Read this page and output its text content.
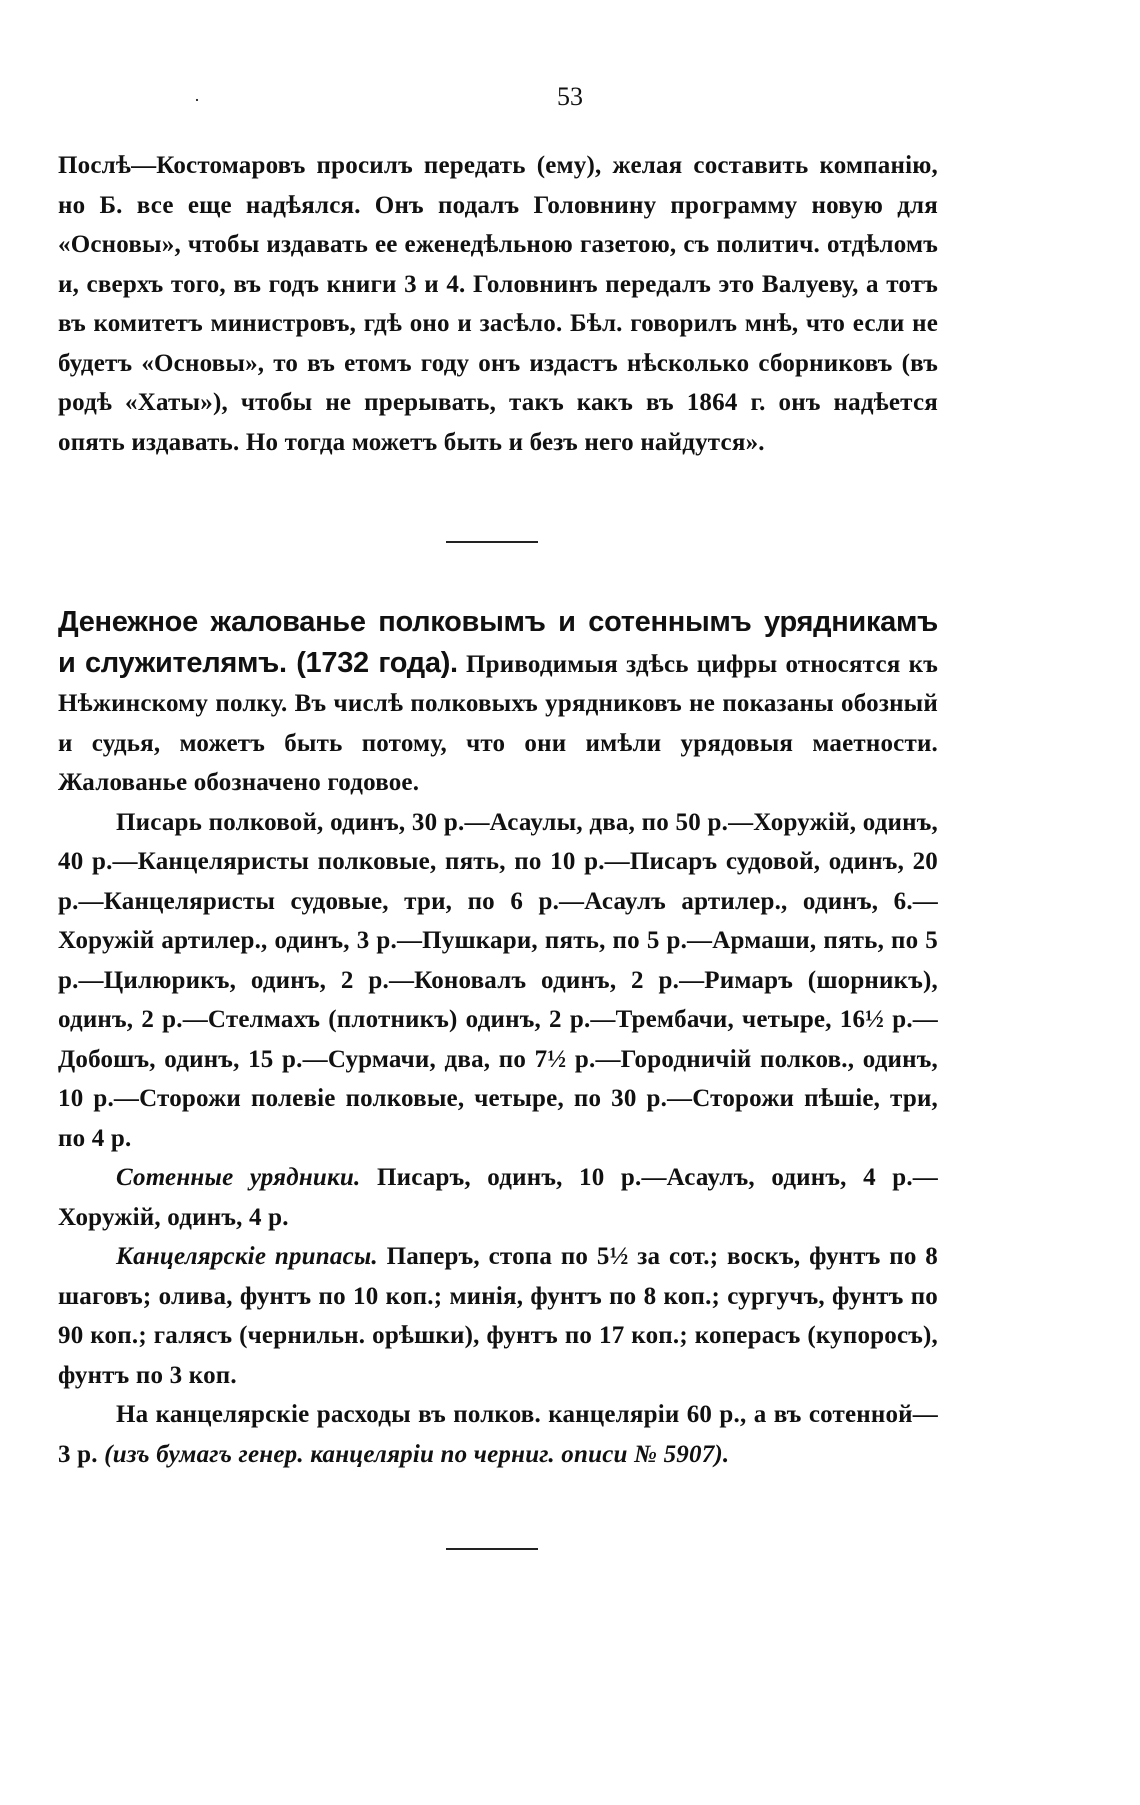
·	53
Послѣ—Костомаровъ просилъ передать (ему), желая составить компанію, но Б. все еще надѣялся. Онъ подалъ Головнину программу новую для «Основы», чтобы издавать ее еженедѣльною газетою, съ политич. отдѣломъ и, сверхъ того, въ годъ книги 3 и 4. Головнинъ передалъ это Валуеву, а тотъ въ комитетъ министровъ, гдѣ оно и засѣло. Бѣл. говорилъ мнѣ, что если не будетъ «Основы», то въ етомъ году онъ издастъ нѣсколько сборниковъ (въ родѣ «Хаты»), чтобы не прерывать, такъ какъ въ 1864 г. онъ надѣется опять издавать. Но тогда можетъ быть и безъ него найдутся».
Денежное жалованье полковымъ и сотеннымъ урядникамъ и служителямъ. (1732 года). Приводимыя здѣсь цифры относятся къ Нѣжинскому полку. Въ числѣ полковыхъ урядниковъ не показаны обозный и судья, можетъ быть потому, что они имѣли урядовыя маетности. Жалованье обозначено годовое.
Писарь полковой, одинъ, 30 р.—Асаулы, два, по 50 р.—Хоружій, одинъ, 40 р.—Канцеляристы полковые, пять, по 10 р.—Писаръ судовой, одинъ, 20 р.—Канцеляристы судовые, три, по 6 р.—Асаулъ артилер., одинъ, 6.—Хоружій артилер., одинъ, 3 р.—Пушкари, пять, по 5 р.—Армаши, пять, по 5 р.—Цилюрикъ, одинъ, 2 р.—Коновалъ одинъ, 2 р.—Римаръ (шорникъ), одинъ, 2 р.—Стелмахъ (плотникъ) одинъ, 2 р.—Трембачи, четыре, 16½ р.—Добошъ, одинъ, 15 р.—Сурмачи, два, по 7½ р.—Городничій полков., одинъ, 10 р.—Сторожи полевіе полковые, четыре, по 30 р.—Сторожи пѣшіе, три, по 4 р.
Сотенные урядники. Писаръ, одинъ, 10 р.—Асаулъ, одинъ, 4 р.—Хоружій, одинъ, 4 р.
Канцелярскіе припасы. Паперъ, стопа по 5½ за сот.; воскъ, фунтъ по 8 шаговъ; олива, фунтъ по 10 коп.; минія, фунтъ по 8 коп.; сургучъ, фунтъ по 90 коп.; галясъ (чернильн. орѣшки), фунтъ по 17 коп.; коперасъ (купоросъ), фунтъ по 3 коп.
На канцелярскіе расходы въ полков. канцеляріи 60 р., а въ сотенной—3 р. (изъ бумагъ генер. канцеляріи по черниг. описи № 5907).
